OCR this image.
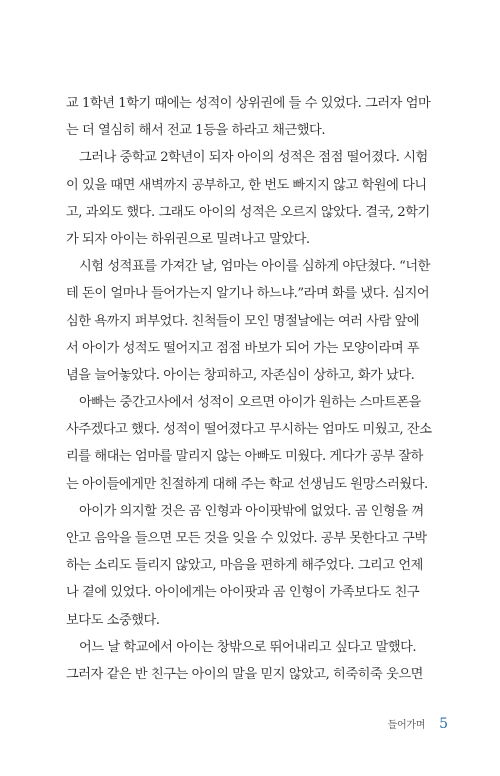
교 1학년 1학기 때에는 성적이 상위권에 들 수 있었다. 그러자 엄마
는 더 열심히 해서 전교 1등을 하라고 채근했다.
그러나 중학교 2학년이 되자 아이의 성적은 점점 떨어졌다. 시험
이 있을 때면 새벽까지 공부하고, 한 번도 빠지지 않고 학원에 다니
고, 과외도 했다. 그래도 아이의 성적은 오르지 않았다. 결국, 2학기
가 되자 아이는 하위권으로 밀려나고 말았다.
시험 성적표를 가져간 날, 엄마는 아이를 심하게 야단쳤다. “너한
테 돈이 얼마나 들어가는지 알기나 하느냐.”라며 화를 냈다. 심지어
심한 욕까지 퍼부었다. 친척들이 모인 명절날에는 여러 사람 앞에
서 아이가 성적도 떨어지고 점점 바보가 되어 가는 모양이라며 푸
념을 늘어놓았다. 아이는 창피하고, 자존심이 상하고, 화가 났다.
아빠는 중간고사에서 성적이 오르면 아이가 원하는 스마트폰을
사주겠다고 했다. 성적이 떨어졌다고 무시하는 엄마도 미웠고, 잔소
리를 해대는 엄마를 말리지 않는 아빠도 미웠다. 게다가 공부 잘하
는 아이들에게만 친절하게 대해 주는 학교 선생님도 원망스러웠다.
아이가 의지할 것은 곰 인형과 아이팟밖에 없었다. 곰 인형을 껴
안고 음악을 들으면 모든 것을 잊을 수 있었다. 공부 못한다고 구박
하는 소리도 들리지 않았고, 마음을 편하게 해주었다. 그리고 언제
나 곁에 있었다. 아이에게는 아이팟과 곰 인형이 가족보다도 친구
보다도 소중했다.
어느 날 학교에서 아이는 창밖으로 뛰어내리고 싶다고 말했다.
그러자 같은 반 친구는 아이의 말을 믿지 않았고, 히죽히죽 웃으면
들어가며 5
